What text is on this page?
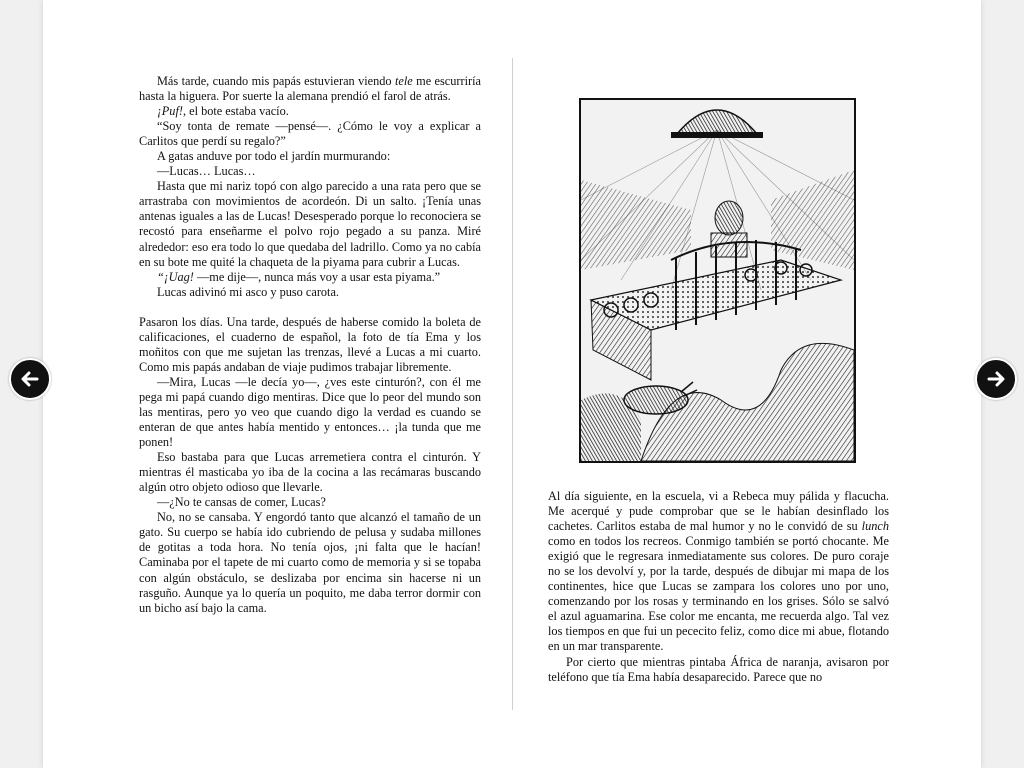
Más tarde, cuando mis papás estuvieran viendo tele me escurriría hasta la higuera. Por suerte la alemana prendió el farol de atrás.

¡Puf!, el bote estaba vacío.

“Soy tonta de remate —pensé—. ¿Cómo le voy a explicar a Carlitos que perdí su regalo?”

A gatas anduve por todo el jardín murmurando:

—Lucas… Lucas…

Hasta que mi nariz topó con algo parecido a una rata pero que se arrastraba con movimientos de acordeón. Di un salto. ¡Tenía unas antenas iguales a las de Lucas! Desesperado porque lo reconociera se recostó para enseñarme el polvo rojo pegado a su panza. Miré alrededor: eso era todo lo que quedaba del ladrillo. Como ya no cabía en su bote me quité la chaqueta de la piyama para cubrir a Lucas.

“¡Uag! —me dije—, nunca más voy a usar esta piyama.”

Lucas adivinó mi asco y puso carota.

Pasaron los días. Una tarde, después de haberse comido la boleta de calificaciones, el cuaderno de español, la foto de tía Ema y los moñitos con que me sujetan las trenzas, llevé a Lucas a mi cuarto. Como mis papás andaban de viaje pudimos trabajar libremente.

—Mira, Lucas —le decía yo—, ¿ves este cinturón?, con él me pega mi papá cuando digo mentiras. Dice que lo peor del mundo son las mentiras, pero yo veo que cuando digo la verdad es cuando se enteran de que antes había mentido y entonces… ¡la tunda que me ponen!

Eso bastaba para que Lucas arremetiera contra el cinturón. Y mientras él masticaba yo iba de la cocina a las recámaras buscando algún otro objeto odioso que llevarle.

—¿No te cansas de comer, Lucas?

No, no se cansaba. Y engordó tanto que alcanzó el tamaño de un gato. Su cuerpo se había ido cubriendo de pelusa y sudaba millones de gotitas a toda hora. No tenía ojos, ¡ni falta que le hacían! Caminaba por el tapete de mi cuarto como de memoria y si se topaba con algún obstáculo, se deslizaba por encima sin hacerse ni un rasguño. Aunque ya lo quería un poquito, me daba terror dormir con un bicho así bajo la cama.

Al día siguiente, en la escuela, vi a Rebeca muy pálida y flacucha. Me acerqué y pude comprobar que se le habían desinflado los cachetes. Carlitos estaba de mal humor y no le convidó de su lunch como en todos los recreos. Conmigo también se portó chocante. Me exigió que le regresara inmediatamente sus colores. De puro coraje no se los devolví y, por la tarde, después de dibujar mi mapa de los continentes, hice que Lucas se zampara los colores uno por uno, comenzando por los rosas y terminando en los grises. Sólo se salvó el azul aguamarina. Ese color me encanta, me recuerda algo. Tal vez los tiempos en que fui un pececito feliz, como dice mi abue, flotando en un mar transparente.

Por cierto que mientras pintaba África de naranja, avisaron por teléfono que tía Ema había desaparecido. Parece que no
